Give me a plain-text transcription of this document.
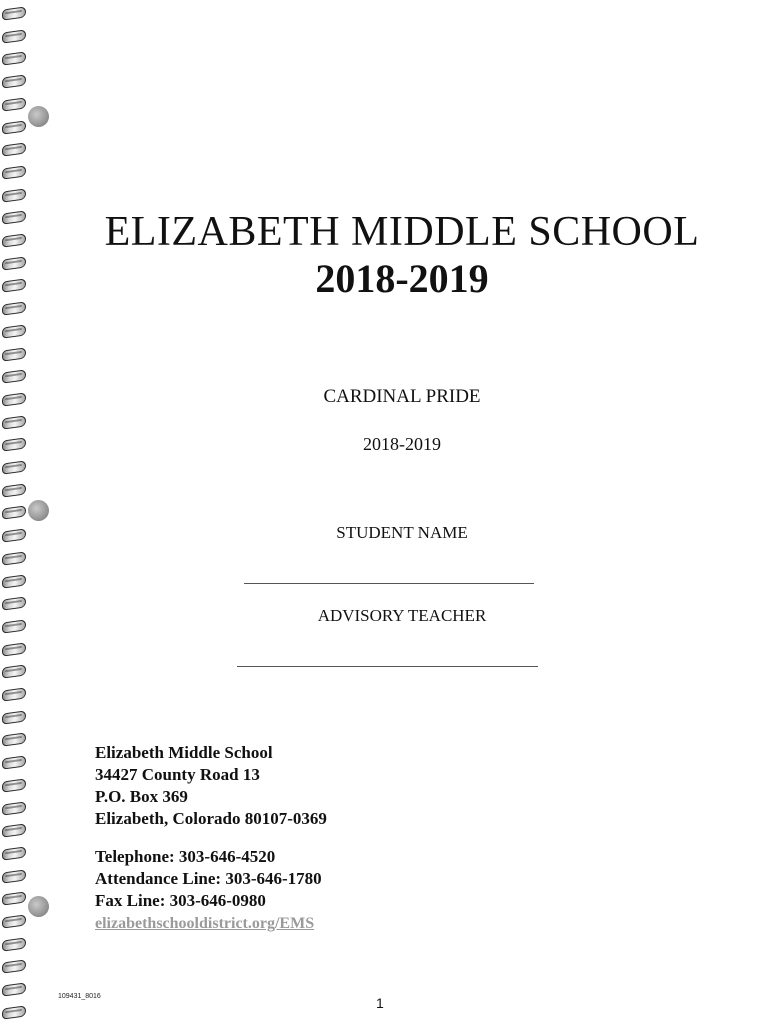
ELIZABETH MIDDLE SCHOOL
2018-2019
CARDINAL PRIDE
2018-2019
STUDENT NAME
ADVISORY TEACHER
Elizabeth Middle School
34427 County Road 13
P.O. Box 369
Elizabeth, Colorado 80107-0369
Telephone: 303-646-4520
Attendance Line: 303-646-1780
Fax Line: 303-646-0980
elizabethschooldistrict.org/EMS
109431_8016	1
